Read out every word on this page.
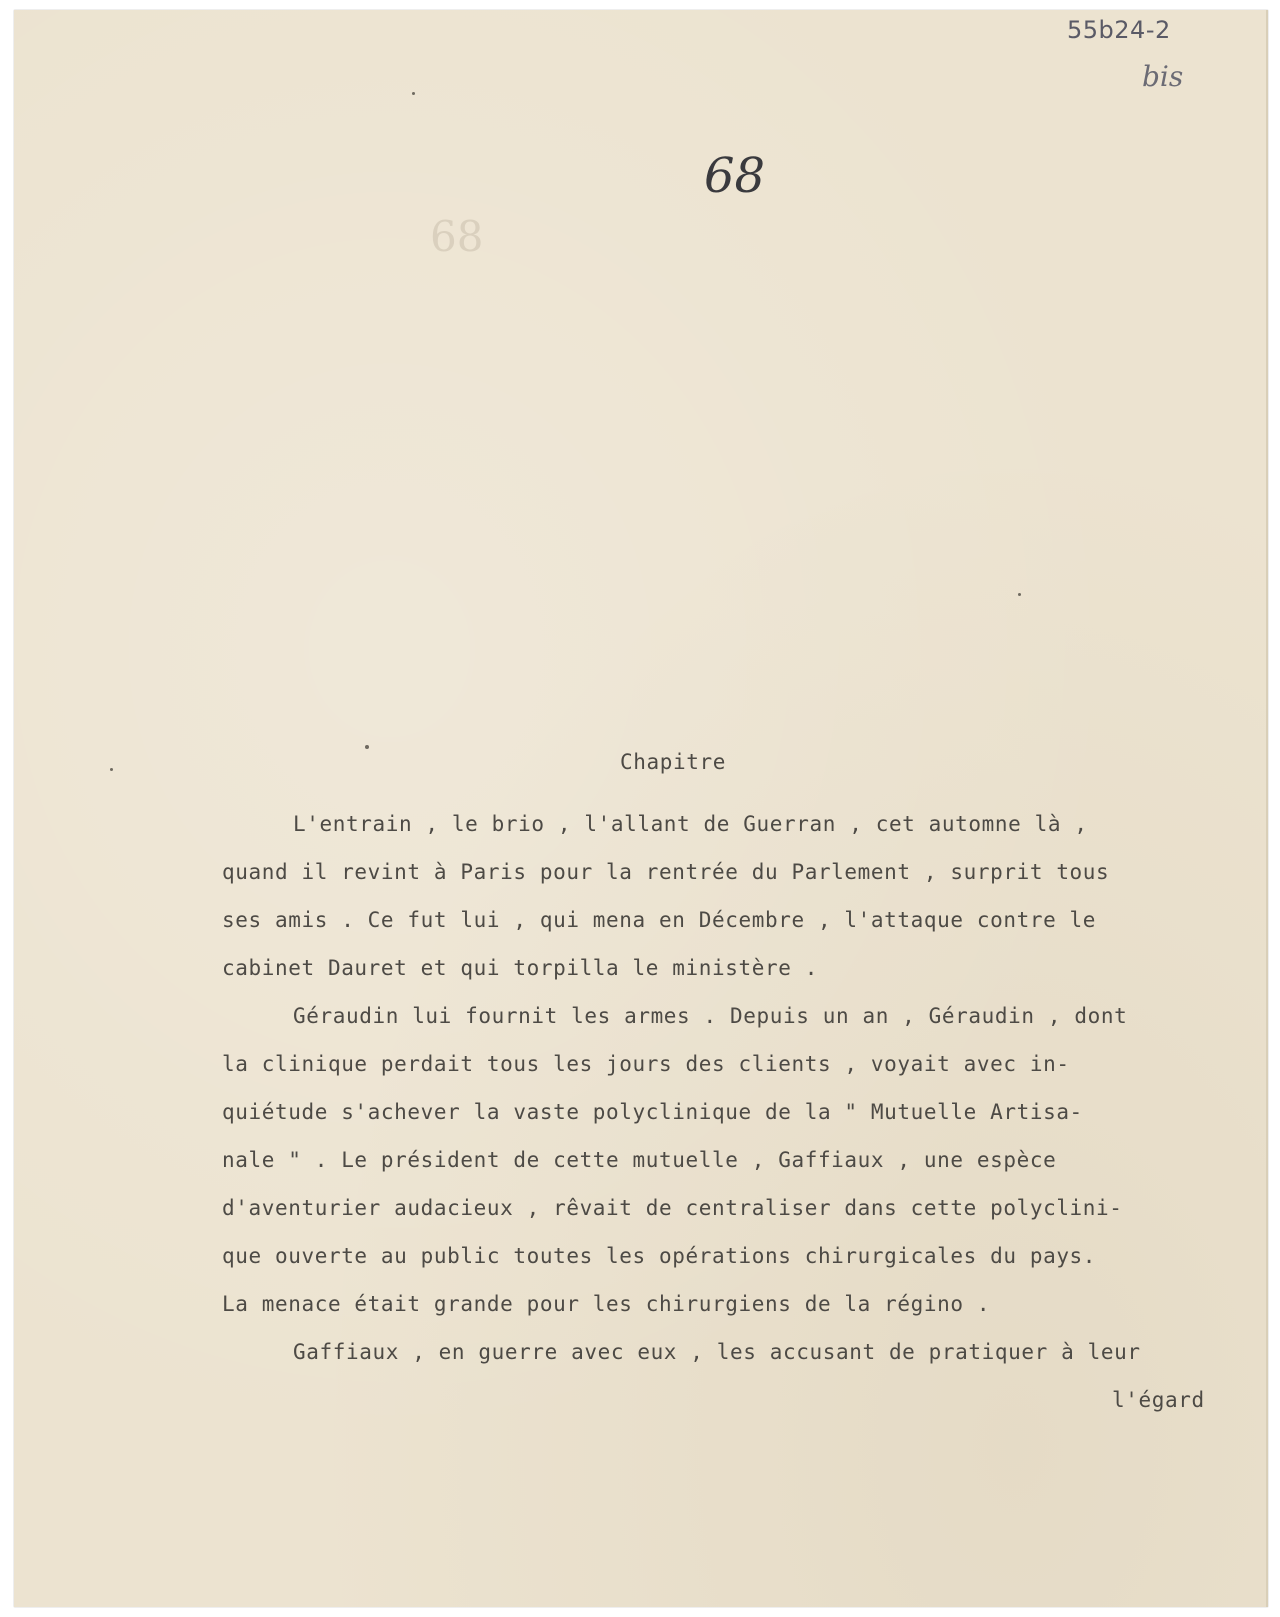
55b24-2
bis
68
68
Chapitre
L'entrain , le brio , l'allant de Guerran , cet automne là ,
quand il revint à Paris pour la rentrée du Parlement , surprit tous
ses amis . Ce fut lui , qui mena en Décembre , l'attaque contre le
cabinet Dauret et qui torpilla le ministère .
Géraudin lui fournit les armes . Depuis un an , Géraudin , dont
la clinique perdait tous les jours des clients , voyait avec in-
quiétude s'achever la vaste polyclinique de la " Mutuelle Artisa-
nale " . Le président de cette mutuelle , Gaffiaux , une espèce
d'aventurier audacieux , rêvait de centraliser dans cette polyclini-
que ouverte au public toutes les opérations chirurgicales du pays.
La menace était grande pour les chirurgiens de la régino .
Gaffiaux , en guerre avec eux , les accusant de pratiquer à leur
l'égard
